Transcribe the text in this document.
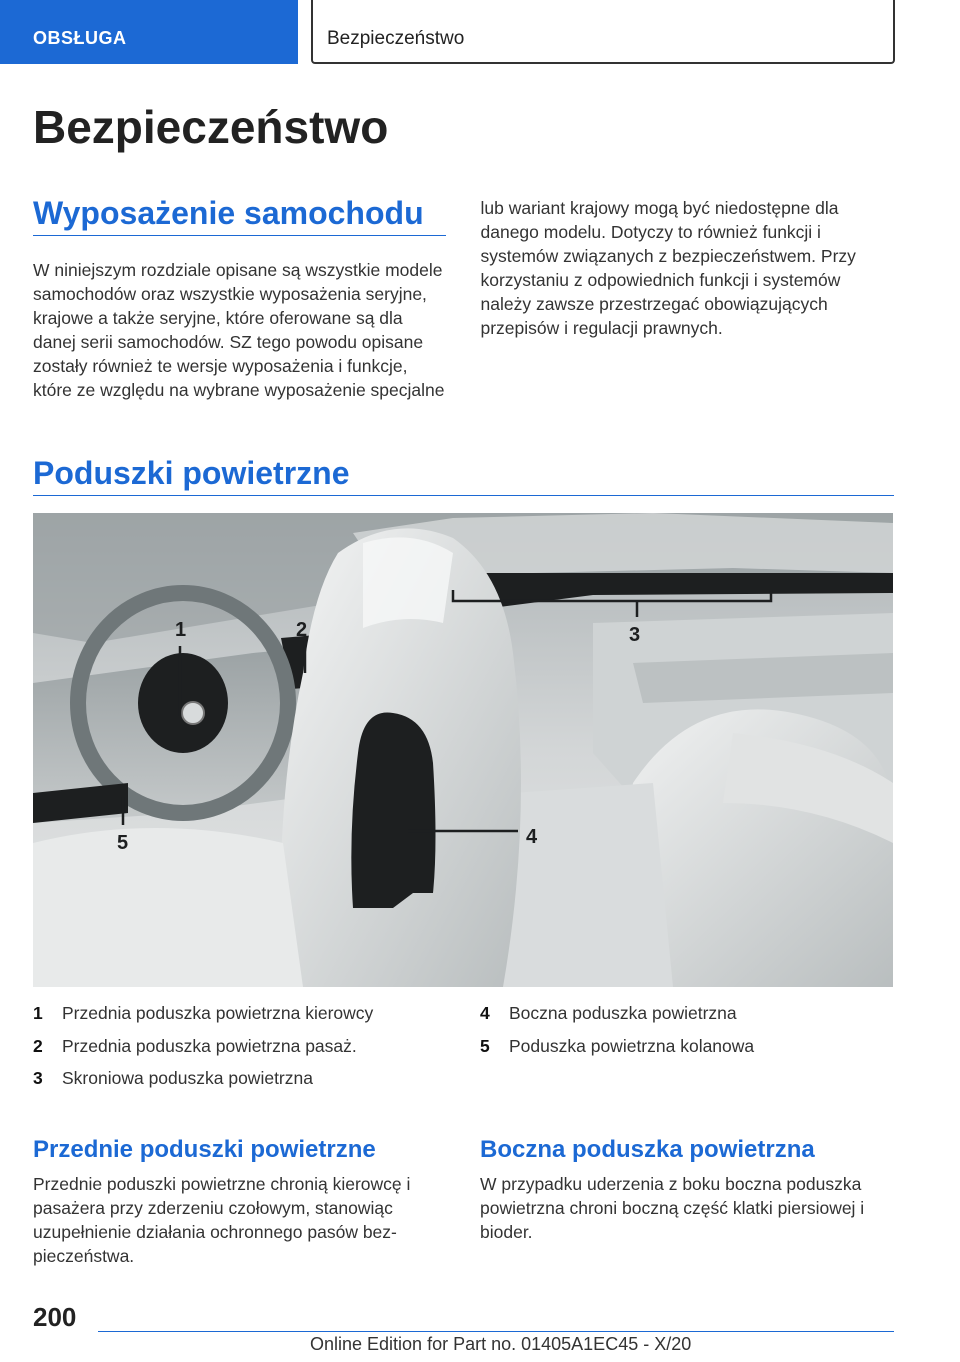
OBSŁUGA	Bezpieczeństwo
Bezpieczeństwo
Wyposażenie samochodu
W niniejszym rozdziale opisane są wszystkie modele samochodów oraz wszystkie wyposażenia seryjne, krajowe a także seryjne, które oferowane są dla danej serii samochodów. SZ tego powodu opisane zostały również te wersje wyposażenia i funkcje, które ze względu na wybrane wyposażenie specjalne lub wariant krajowy mogą być niedostępne dla danego modelu. Dotyczy to również funkcji i systemów związanych z bezpieczeństwem. Przy korzystaniu z odpowiednich funkcji i systemów należy zawsze przestrzegać obowiązujących przepisów i regulacji prawnych.
Poduszki powietrzne
1	2	3
4
5
1 Przednia poduszka powietrzna kierowcy
2 Przednia poduszka powietrzna pasaż.
3 Skroniowa poduszka powietrzna
4 Boczna poduszka powietrzna
5 Poduszka powietrzna kolanowa
Przednie poduszki powietrzne
Przednie poduszki powietrzne chronią kierowcę i pasażera przy zderzeniu czołowym, stanowiąc uzupełnienie działania ochronnego pasów bezpieczeństwa.
Boczna poduszka powietrzna
W przypadku uderzenia z boku boczna poduszka powietrzna chroni boczną część klatki piersiowej i bioder.
200
Online Edition for Part no. 01405A1EC45 - X/20
